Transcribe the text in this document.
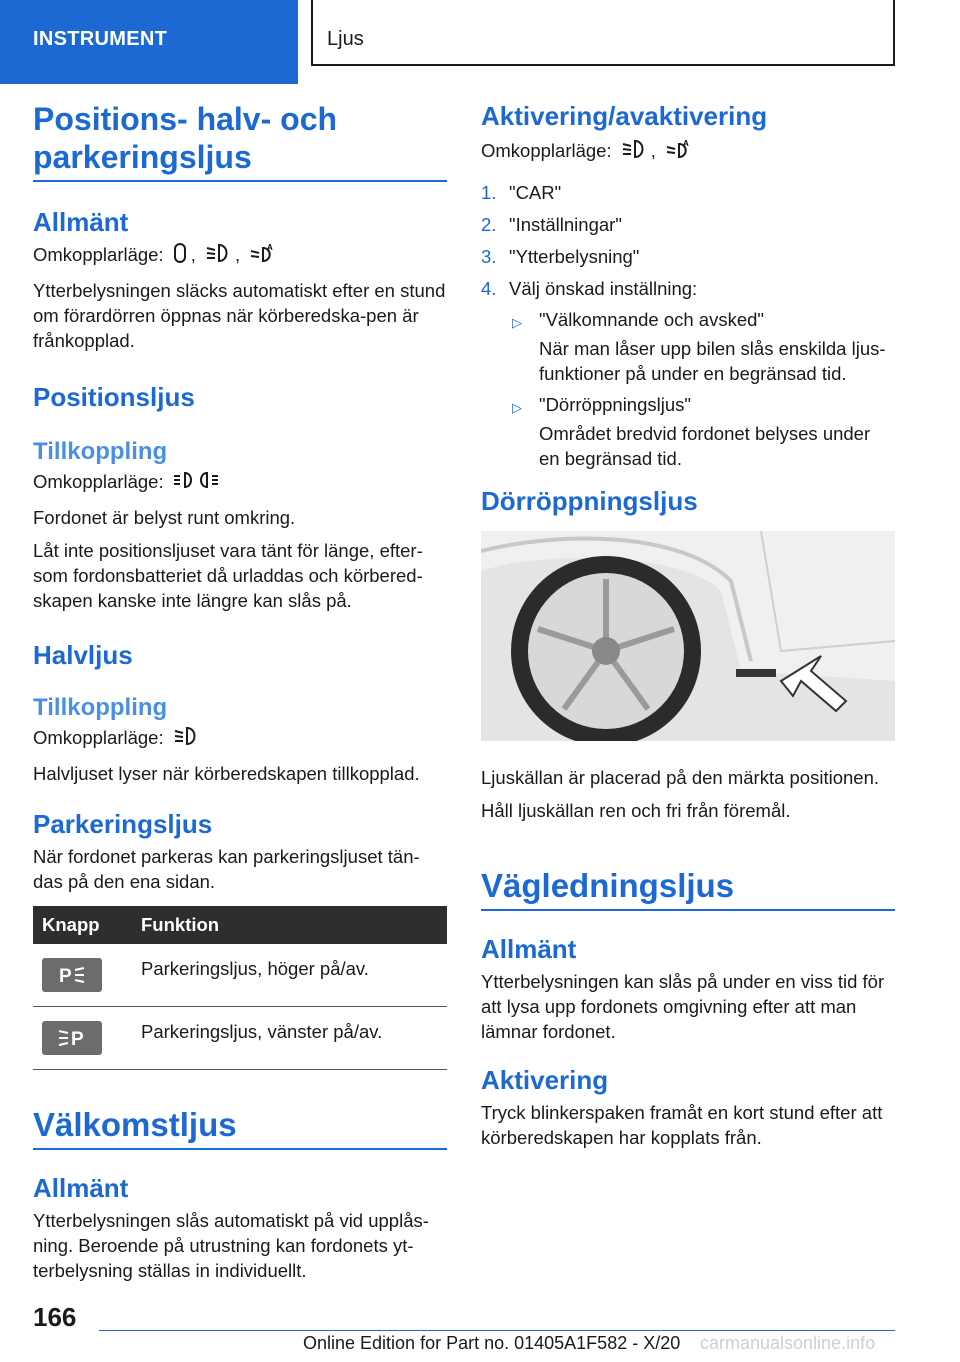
INSTRUMENT	Ljus
Positions- halv- och
parkeringsljus
Allmänt

Omkopplarläge: , ,	A

Ytterbelysningen släcks automatiskt efter en stund om förardörren öppnas när körberedska-pen är frånkopplad.

Positionsljus
Tillkoppling

Omkopplarläge:

Fordonet är belyst runt omkring.

Låt inte positionsljuset vara tänt för länge, efter-som fordonsbatteriet då urladdas och körbered-skapen kanske inte längre kan slås på.

Halvljus
Tillkoppling

Omkopplarläge:

Halvljuset lyser när körberedskapen tillkopplad.

Parkeringsljus

När fordonet parkeras kan parkeringsljuset tän-das på den ena sidan.

Knapp	Funktion

P	Parkeringsljus, höger på/av.

P	Parkeringsljus, vänster på/av.
Välkomstljus
Allmänt

Ytterbelysningen slås automatiskt på vid upplås-ning. Beroende på utrustning kan fordonets yt-terbelysning ställas in individuellt.

Aktivering/avaktivering

Omkopplarläge: ,	A

1. "CAR"
2. "Inställningar"
3. "Ytterbelysning"
4. Välj önskad inställning:
▷ "Välkomnande och avsked"
När man låser upp bilen slås enskilda ljus-funktioner på under en begränsad tid.
▷ "Dörröppningsljus"
Området bredvid fordonet belyses under en begränsad tid.
Dörröppningsljus

Ljuskällan är placerad på den märkta positionen.

Håll ljuskällan ren och fri från föremål.

Vägledningsljus
Allmänt

Ytterbelysningen kan slås på under en viss tid för att lysa upp fordonets omgivning efter att man lämnar fordonet.

Aktivering

Tryck blinkerspaken framåt en kort stund efter att körberedskapen har kopplats från.

166
Online Edition for Part no. 01405A1F582 - X/20 carmanualsonline.info
